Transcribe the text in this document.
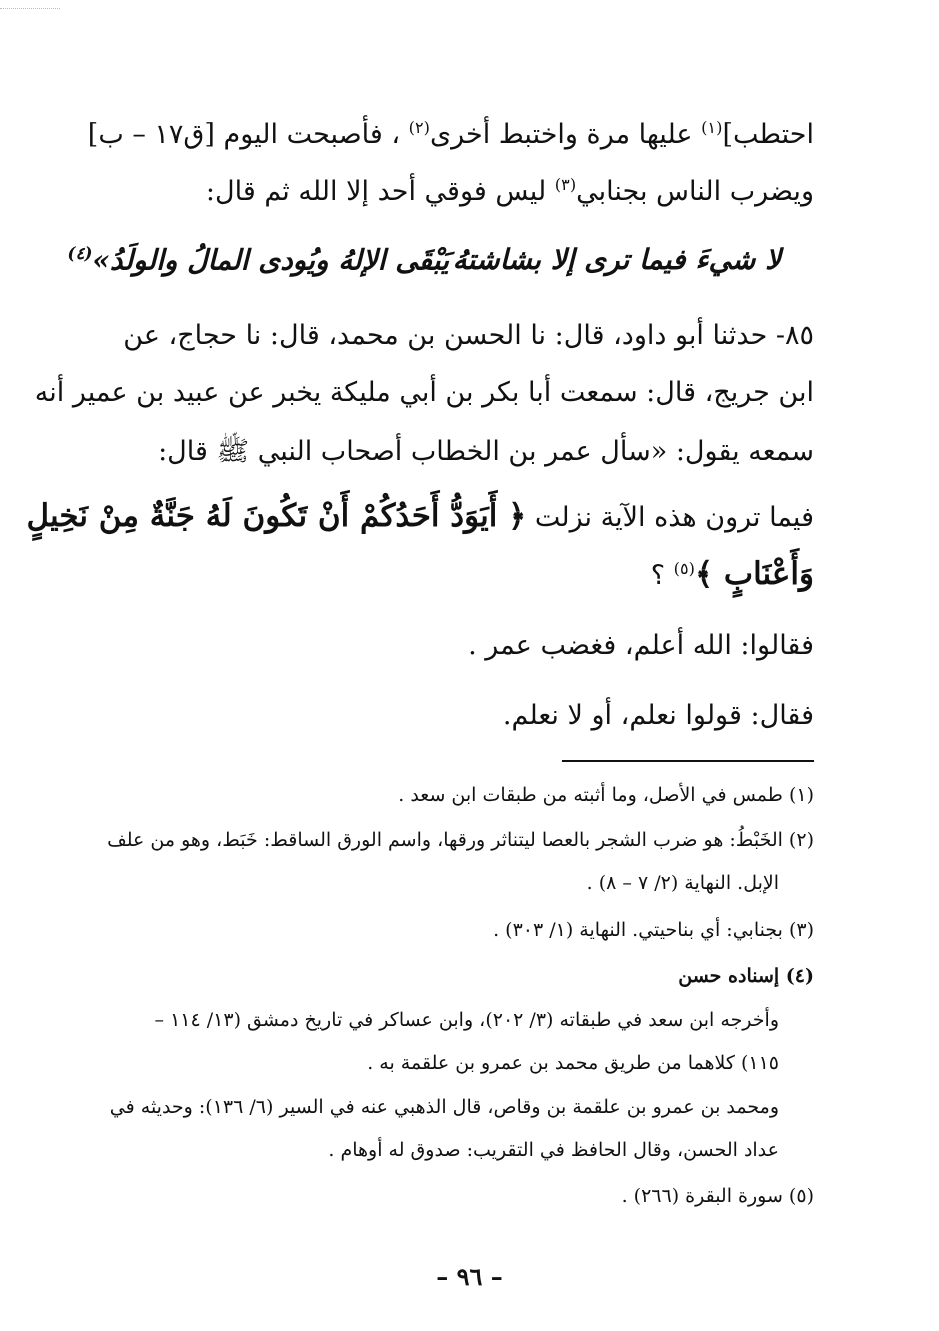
احتطب]$^{(١)}$ عليها مرة واختبط أخرى$^{(٢)}$ ، فأصبحت اليوم [ق١٧ – ب]
ويضرب الناس بجنابي$^{(٣)}$ ليس فوقي أحد إلا الله ثم قال:
لا شيءَ فيما ترى إلا بشاشتهُ
يَبْقَى الإلهُ ويُودى المالُ والولَدُ»$^{(٤)}$
٨٥- حدثنا أبو داود، قال: نا الحسن بن محمد، قال: نا حجاج، عن
ابن جريج، قال: سمعت أبا بكر بن أبي مليكة يخبر عن عبيد بن عمير أنه
سمعه يقول: «سأل عمر بن الخطاب أصحاب النبي ﷺ قال:
فيما ترون هذه الآية نزلت ﴿ أَيَوَدُّ أَحَدُكُمْ أَنْ تَكُونَ لَهُ جَنَّةٌ مِنْ نَخِيلٍ
وَأَعْنَابٍ ﴾$^{(٥)}$ ؟
فقالوا: الله أعلم، فغضب عمر .
فقال: قولوا نعلم، أو لا نعلم.
(١) طمس في الأصل، وما أثبته من طبقات ابن سعد .
(٢) الخَبْطُ: هو ضرب الشجر بالعصا ليتناثر ورقها، واسم الورق الساقط: خَبَط، وهو من علف
الإبل. النهاية (٢/ ٧ – ٨) .
(٣) بجنابي: أي بناحيتي. النهاية (١/ ٣٠٣) .
(٤) إسناده حسن
وأخرجه ابن سعد في طبقاته (٣/ ٢٠٢)، وابن عساكر في تاريخ دمشق (١٣/ ١١٤ –
١١٥) كلاهما من طريق محمد بن عمرو بن علقمة به .
ومحمد بن عمرو بن علقمة بن وقاص، قال الذهبي عنه في السير (٦/ ١٣٦): وحديثه في
عداد الحسن، وقال الحافظ في التقريب: صدوق له أوهام .
(٥) سورة البقرة (٢٦٦) .
– ٩٦ –
